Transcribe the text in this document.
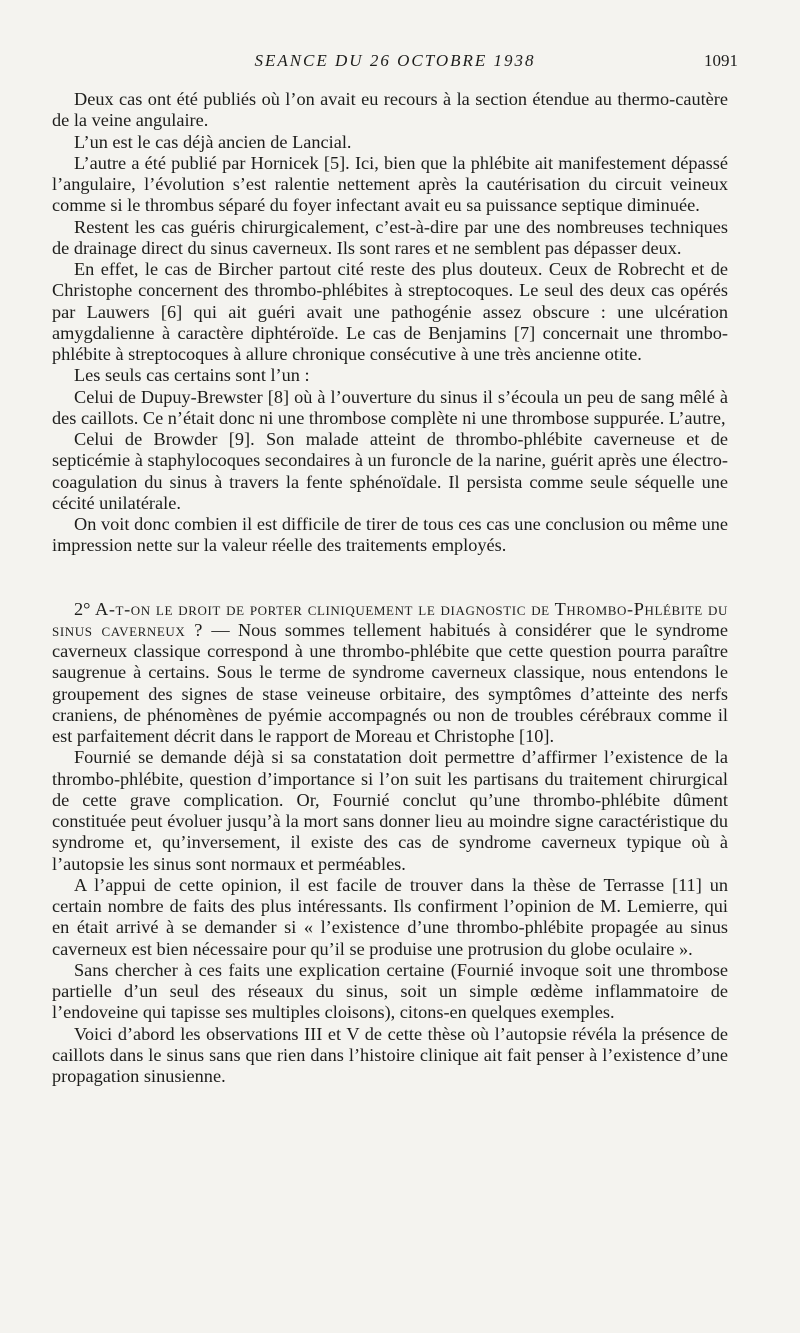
SEANCE DU 26 OCTOBRE 1938	1091

Deux cas ont été publiés où l’on avait eu recours à la section étendue au thermo-cautère de la veine angulaire.

L’un est le cas déjà ancien de Lancial.

L’autre a été publié par Hornicek [5]. Ici, bien que la phlébite ait manifestement dépassé l’angulaire, l’évolution s’est ralentie nettement après la cautérisation du circuit veineux comme si le thrombus séparé du foyer infectant avait eu sa puissance septique diminuée.

Restent les cas guéris chirurgicalement, c’est-à-dire par une des nombreuses techniques de drainage direct du sinus caverneux. Ils sont rares et ne semblent pas dépasser deux.

En effet, le cas de Bircher partout cité reste des plus douteux. Ceux de Robrecht et de Christophe concernent des thrombo-phlébites à streptocoques. Le seul des deux cas opérés par Lauwers [6] qui ait guéri avait une pathogénie assez obscure : une ulcération amygdalienne à caractère diphtéroïde. Le cas de Benjamins [7] concernait une thrombo-phlébite à streptocoques à allure chronique consécutive à une très ancienne otite.

Les seuls cas certains sont l’un :

Celui de Dupuy-Brewster [8] où à l’ouverture du sinus il s’écoula un peu de sang mêlé à des caillots. Ce n’était donc ni une thrombose complète ni une thrombose suppurée. L’autre,

Celui de Browder [9]. Son malade atteint de thrombo-phlébite caverneuse et de septicémie à staphylocoques secondaires à un furoncle de la narine, guérit après une électro-coagulation du sinus à travers la fente sphénoïdale. Il persista comme seule séquelle une cécité unilatérale.

On voit donc combien il est difficile de tirer de tous ces cas une conclusion ou même une impression nette sur la valeur réelle des traitements employés.

2° A-t-on le droit de porter cliniquement le diagnostic de Thrombo-Phlébite du sinus caverneux ? — Nous sommes tellement habitués à considérer que le syndrome caverneux classique correspond à une thrombo-phlébite que cette question pourra paraître saugrenue à certains. Sous le terme de syndrome caverneux classique, nous entendons le groupement des signes de stase veineuse orbitaire, des symptômes d’atteinte des nerfs craniens, de phénomènes de pyémie accompagnés ou non de troubles cérébraux comme il est parfaitement décrit dans le rapport de Moreau et Christophe [10].

Fournié se demande déjà si sa constatation doit permettre d’affirmer l’existence de la thrombo-phlébite, question d’importance si l’on suit les partisans du traitement chirurgical de cette grave complication. Or, Fournié conclut qu’une thrombo-phlébite dûment constituée peut évoluer jusqu’à la mort sans donner lieu au moindre signe caractéristique du syndrome et, qu’inversement, il existe des cas de syndrome caverneux typique où à l’autopsie les sinus sont normaux et perméables.

A l’appui de cette opinion, il est facile de trouver dans la thèse de Terrasse [11] un certain nombre de faits des plus intéressants. Ils confirment l’opinion de M. Lemierre, qui en était arrivé à se demander si « l’existence d’une thrombo-phlébite propagée au sinus caverneux est bien nécessaire pour qu’il se produise une protrusion du globe oculaire ».

Sans chercher à ces faits une explication certaine (Fournié invoque soit une thrombose partielle d’un seul des réseaux du sinus, soit un simple œdème inflammatoire de l’endoveine qui tapisse ses multiples cloisons), citons-en quelques exemples.

Voici d’abord les observations III et V de cette thèse où l’autopsie révéla la présence de caillots dans le sinus sans que rien dans l’histoire clinique ait fait penser à l’existence d’une propagation sinusienne.
